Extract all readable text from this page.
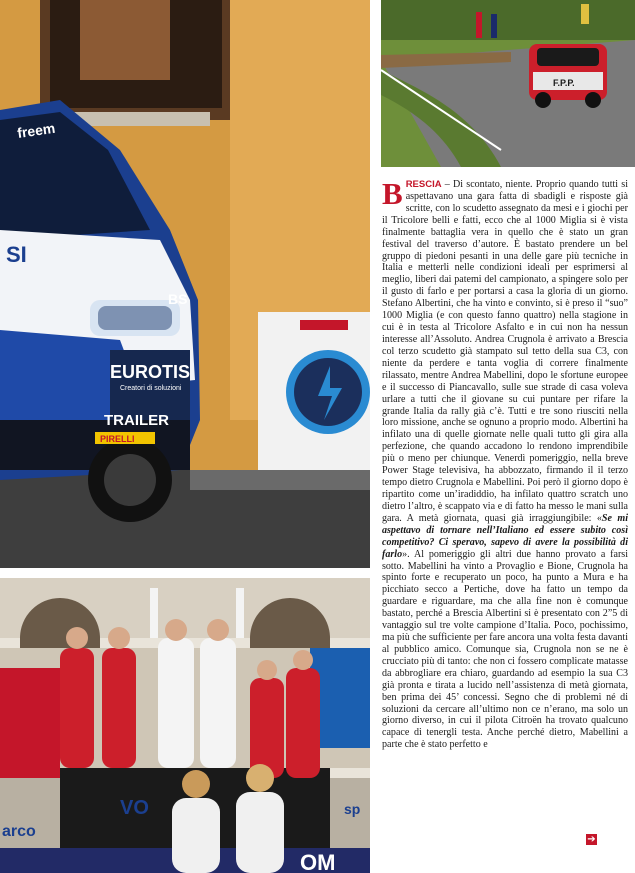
freem
SI
BS
EUROTIS
Creatori di soluzioni
TRAILER
PIRELLI
F.P.P.
VO
OM
arco
sp

BRESCIA – Di scontato, niente. Proprio quando tutti si aspettavano una gara fatta di sbadigli e risposte già scritte, con lo scudetto assegnato da mesi e i giochi per il Tricolore belli e fatti, ecco che al 1000 Miglia si è vista finalmente battaglia vera in quello che è stato un gran festival del traverso d’autore. È bastato prendere un bel gruppo di piedoni pesanti in una delle gare più tecniche in Italia e metterli nelle condizioni ideali per esprimersi al meglio, liberi dai patemi del campionato, a spingere solo per il gusto di farlo e per portarsi a casa la gloria di un giorno. Stefano Albertini, che ha vinto e convinto, si è preso il “suo” 1000 Miglia (e con questo fanno quattro) nella stagione in cui è in testa al Tricolore Asfalto e in cui non ha nessun interesse all’Assoluto. Andrea Crugnola è arrivato a Brescia col terzo scudetto già stampato sul tetto della sua C3, con niente da perdere e tanta voglia di correre finalmente rilassato, mentre Andrea Mabellini, dopo le sfortune europee e il successo di Piancavallo, sulle sue strade di casa voleva urlare a tutti che il giovane su cui puntare per rifare la grande Italia da rally già c’è. Tutti e tre sono riusciti nella loro missione, anche se ognuno a proprio modo. Albertini ha infilato una di quelle giornate nelle quali tutto gli gira alla perfezione, che quando accadono lo rendono imprendibile più o meno per chiunque. Venerdì pomeriggio, nella breve Power Stage televisiva, ha abbozzato, firmando il il terzo tempo dietro Crugnola e Mabellini. Poi però il giorno dopo è ripartito come un’iradiddio, ha infilato quattro scratch uno dietro l’altro, è scappato via e di fatto ha messo le mani sulla gara. A metà giornata, quasi già irraggiungibile: «Se mi aspettavo di tornare nell’Italiano ed essere subito così competitivo? Ci speravo, sapevo di avere la possibilità di farlo». Al pomeriggio gli altri due hanno provato a farsi sotto. Mabellini ha vinto a Provaglio e Bione, Crugnola ha spinto forte e recuperato un poco, ha punto a Mura e ha picchiato secco a Pertiche, dove ha fatto un tempo da guardare e riguardare, ma che alla fine non è comunque bastato, perché a Brescia Albertini si è presentato con 2”5 di vantaggio sul tre volte campione d’Italia. Poco, pochissimo, ma più che sufficiente per fare ancora una volta festa davanti al pubblico amico. Comunque sia, Crugnola non se ne è crucciato più di tanto: che non ci fossero complicate matasse da abbrogliare era chiaro, guardando ad esempio la sua C3 già pronta e tirata a lucido nell’assistenza di metà giornata, ben prima dei 45’ concessi. Segno che di problemi né di soluzioni da cercare all’ultimo non ce n’erano, ma solo un giorno diverso, in cui il pilota Citroën ha trovato qualcuno capace di tenergli testa. Anche perché dietro, Mabellini a parte che è stato perfetto e

➔
